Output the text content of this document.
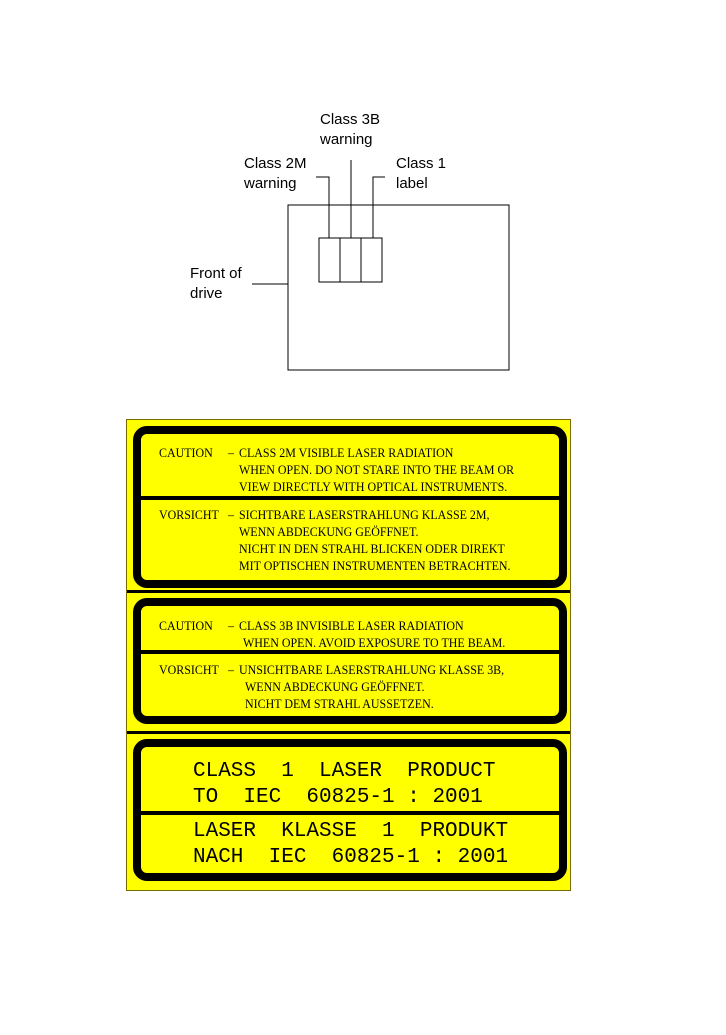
Class 3B
warning
Class 2M
warning
Class 1
label
Front of
drive
CAUTION – CLASS 2M VISIBLE LASER RADIATION
WHEN OPEN. DO NOT STARE INTO THE BEAM OR
VIEW DIRECTLY WITH OPTICAL INSTRUMENTS.
VORSICHT – SICHTBARE LASERSTRAHLUNG KLASSE 2M,
WENN ABDECKUNG GEÖFFNET.
NICHT IN DEN STRAHL BLICKEN ODER DIREKT
MIT OPTISCHEN INSTRUMENTEN BETRACHTEN.
CAUTION – CLASS 3B INVISIBLE LASER RADIATION
WHEN OPEN. AVOID EXPOSURE TO THE BEAM.
VORSICHT – UNSICHTBARE LASERSTRAHLUNG KLASSE 3B,
WENN ABDECKUNG GEÖFFNET.
NICHT DEM STRAHL AUSSETZEN.
CLASS  1  LASER  PRODUCT
TO  IEC  60825-1 : 2001
LASER  KLASSE  1  PRODUKT
NACH  IEC  60825-1 : 2001
